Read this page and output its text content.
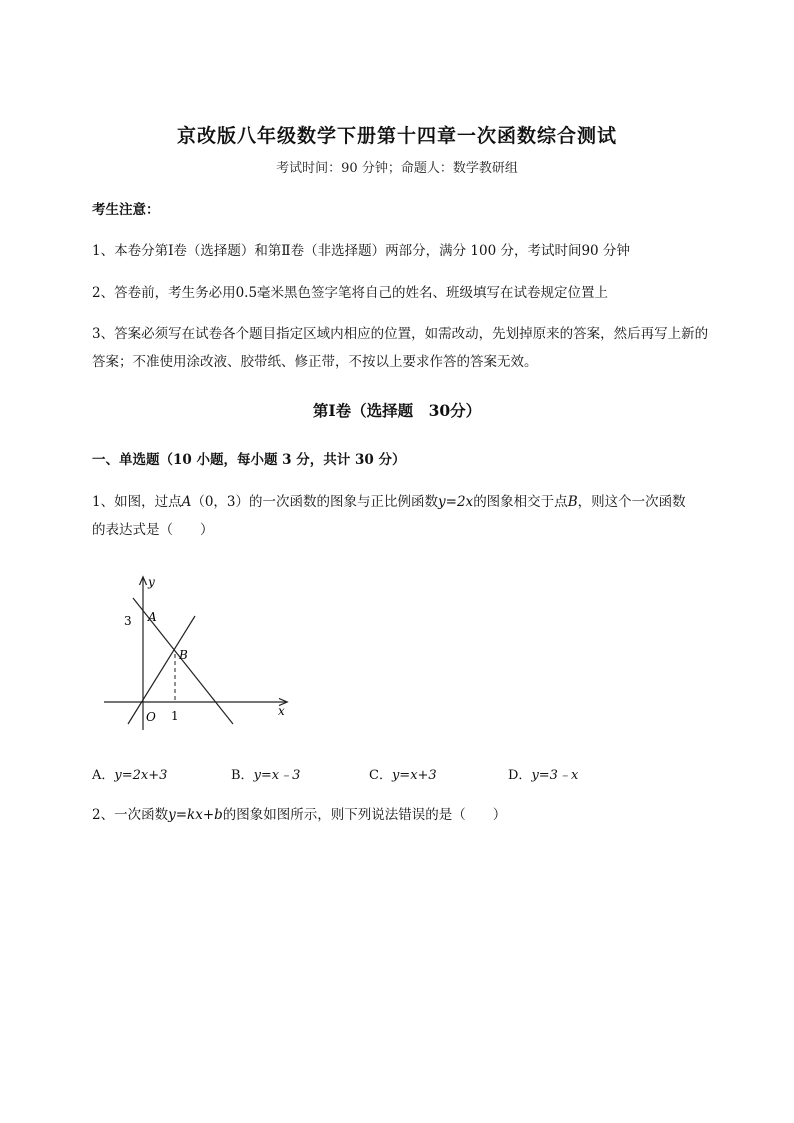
京改版八年级数学下册第十四章一次函数综合测试
考试时间：90 分钟；命题人：数学教研组
考生注意：
1、本卷分第Ⅰ卷（选择题）和第Ⅱ卷（非选择题）两部分，满分 100 分，考试时间90 分钟
2、答卷前，考生务必用0.5毫米黑色签字笔将自己的姓名、班级填写在试卷规定位置上
3、答案必须写在试卷各个题目指定区域内相应的位置，如需改动，先划掉原来的答案，然后再写上新的答案；不准使用涂改液、胶带纸、修正带，不按以上要求作答的答案无效。
第Ⅰ卷（选择题　30分）
一、单选题（10 小题，每小题 3 分，共计 30 分）
1、如图，过点A（0，3）的一次函数的图象与正比例函数y=2x的图象相交于点B，则这个一次函数
的表达式是（　　）
y
x
O
A
B
3
1
A．y=2x+3	B．y=x﹣3	C．y=x+3	D．y=3﹣x
2、一次函数y=kx+b的图象如图所示，则下列说法错误的是（　　）
